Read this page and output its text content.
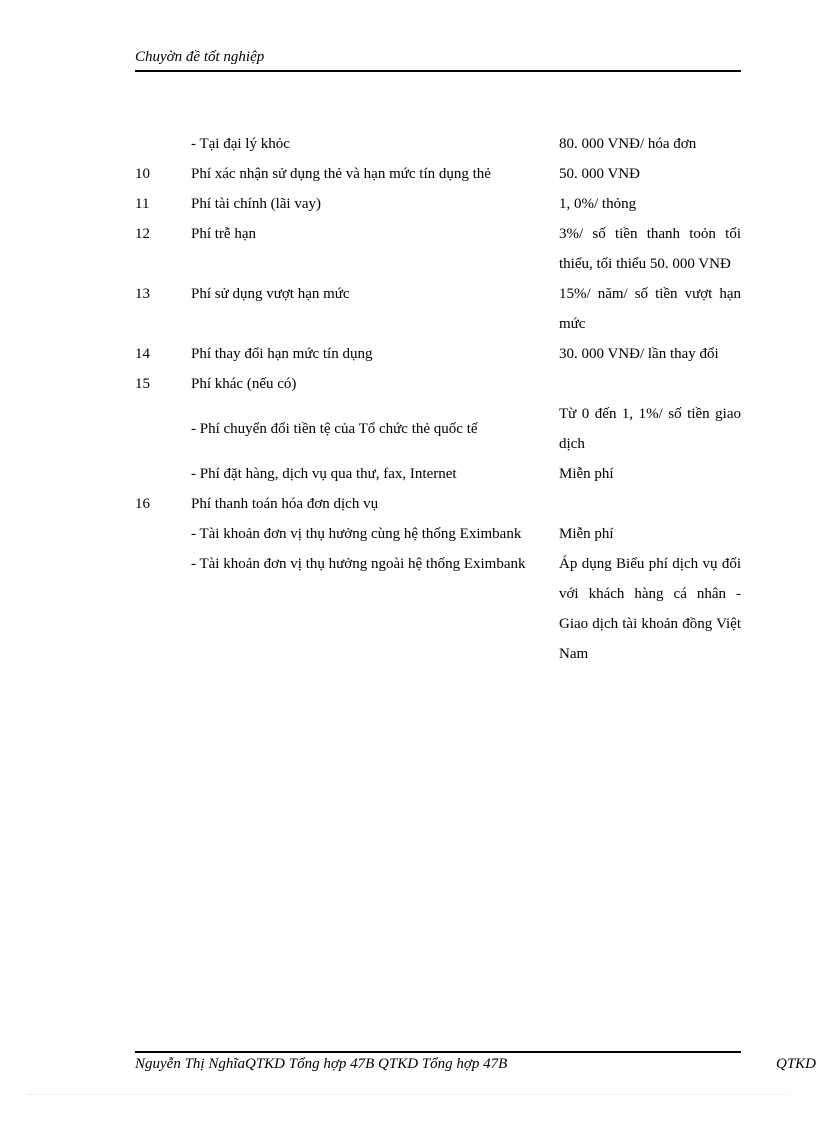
Chuyờn đề tốt nghiệp
	- Tại đại lý khỏc	80. 000 VNĐ/ hóa đơn
10	Phí xác nhận sử dụng thẻ và hạn mức tín dụng thẻ	50. 000 VNĐ
11	Phí tài chính (lãi vay)	1, 0%/ thỏng
12	Phí trễ hạn	3%/ số tiền thanh toỏn tối thiểu, tối thiểu 50. 000 VNĐ
13	Phí sử dụng vượt hạn mức	15%/ năm/ số tiền vượt hạn mức
14	Phí thay đổi hạn mức tín dụng	30. 000 VNĐ/ lần thay đổi
15	Phí khác (nếu có)	
	- Phí chuyển đổi tiền tệ của Tổ chức thẻ quốc tế	Từ 0 đến 1, 1%/ số tiền giao dịch
	- Phí đặt hàng, dịch vụ qua thư, fax, Internet	Miễn phí
16	Phí thanh toán hóa đơn dịch vụ	
	- Tài khoản đơn vị thụ hưởng cùng hệ thống Eximbank	Miễn phí
	- Tài khoản đơn vị thụ hưởng ngoài hệ thống Eximbank	Áp dụng Biểu phí dịch vụ đối với khách hàng cá nhân - Giao dịch tài khoản đồng Việt Nam
Nguyễn Thị NghĩaQTKD Tổng hợp 47B QTKD Tổng hợp 47B	QTKD
